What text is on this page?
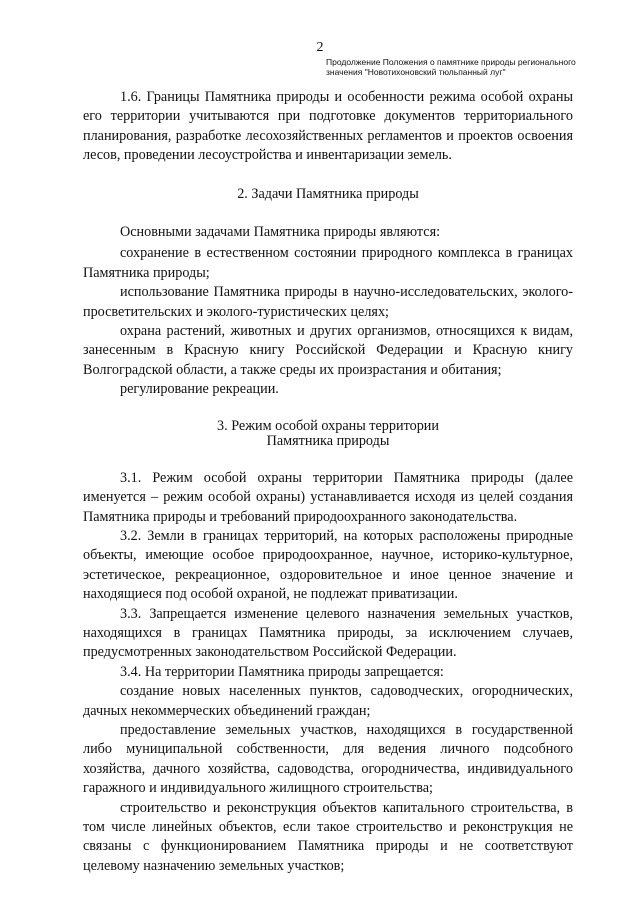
2
Продолжение Положения о памятнике природы регионального значения "Новотихоновский тюльпанный луг"

1.6. Границы Памятника природы и особенности режима особой охраны его территории учитываются при подготовке документов территориального планирования, разработке лесохозяйственных регламентов и проектов освоения лесов, проведении лесоустройства и инвентаризации земель.

2. Задачи Памятника природы

Основными задачами Памятника природы являются:

сохранение в естественном состоянии природного комплекса в границах Памятника природы;

использование Памятника природы в научно-исследовательских, эколого-просветительских и эколого-туристических целях;

охрана растений, животных и других организмов, относящихся к видам, занесенным в Красную книгу Российской Федерации и Красную книгу Волгоградской области, а также среды их произрастания и обитания;

регулирование рекреации.

3. Режим особой охраны территории

Памятника природы

3.1. Режим особой охраны территории Памятника природы (далее именуется – режим особой охраны) устанавливается исходя из целей создания Памятника природы и требований природоохранного законодательства.

3.2. Земли в границах территорий, на которых расположены природные объекты, имеющие особое природоохранное, научное, историко-культурное, эстетическое, рекреационное, оздоровительное и иное ценное значение и находящиеся под особой охраной, не подлежат приватизации.

3.3. Запрещается изменение целевого назначения земельных участков, находящихся в границах Памятника природы, за исключением случаев, предусмотренных законодательством Российской Федерации.

3.4. На территории Памятника природы запрещается:

создание новых населенных пунктов, садоводческих, огороднических, дачных некоммерческих объединений граждан;

предоставление земельных участков, находящихся в государственной либо муниципальной собственности, для ведения личного подсобного хозяйства, дачного хозяйства, садоводства, огородничества, индивидуального гаражного и индивидуального жилищного строительства;

строительство и реконструкция объектов капитального строительства, в том числе линейных объектов, если такое строительство и реконструкция не связаны с функционированием Памятника природы и не соответствуют целевому назначению земельных участков;
